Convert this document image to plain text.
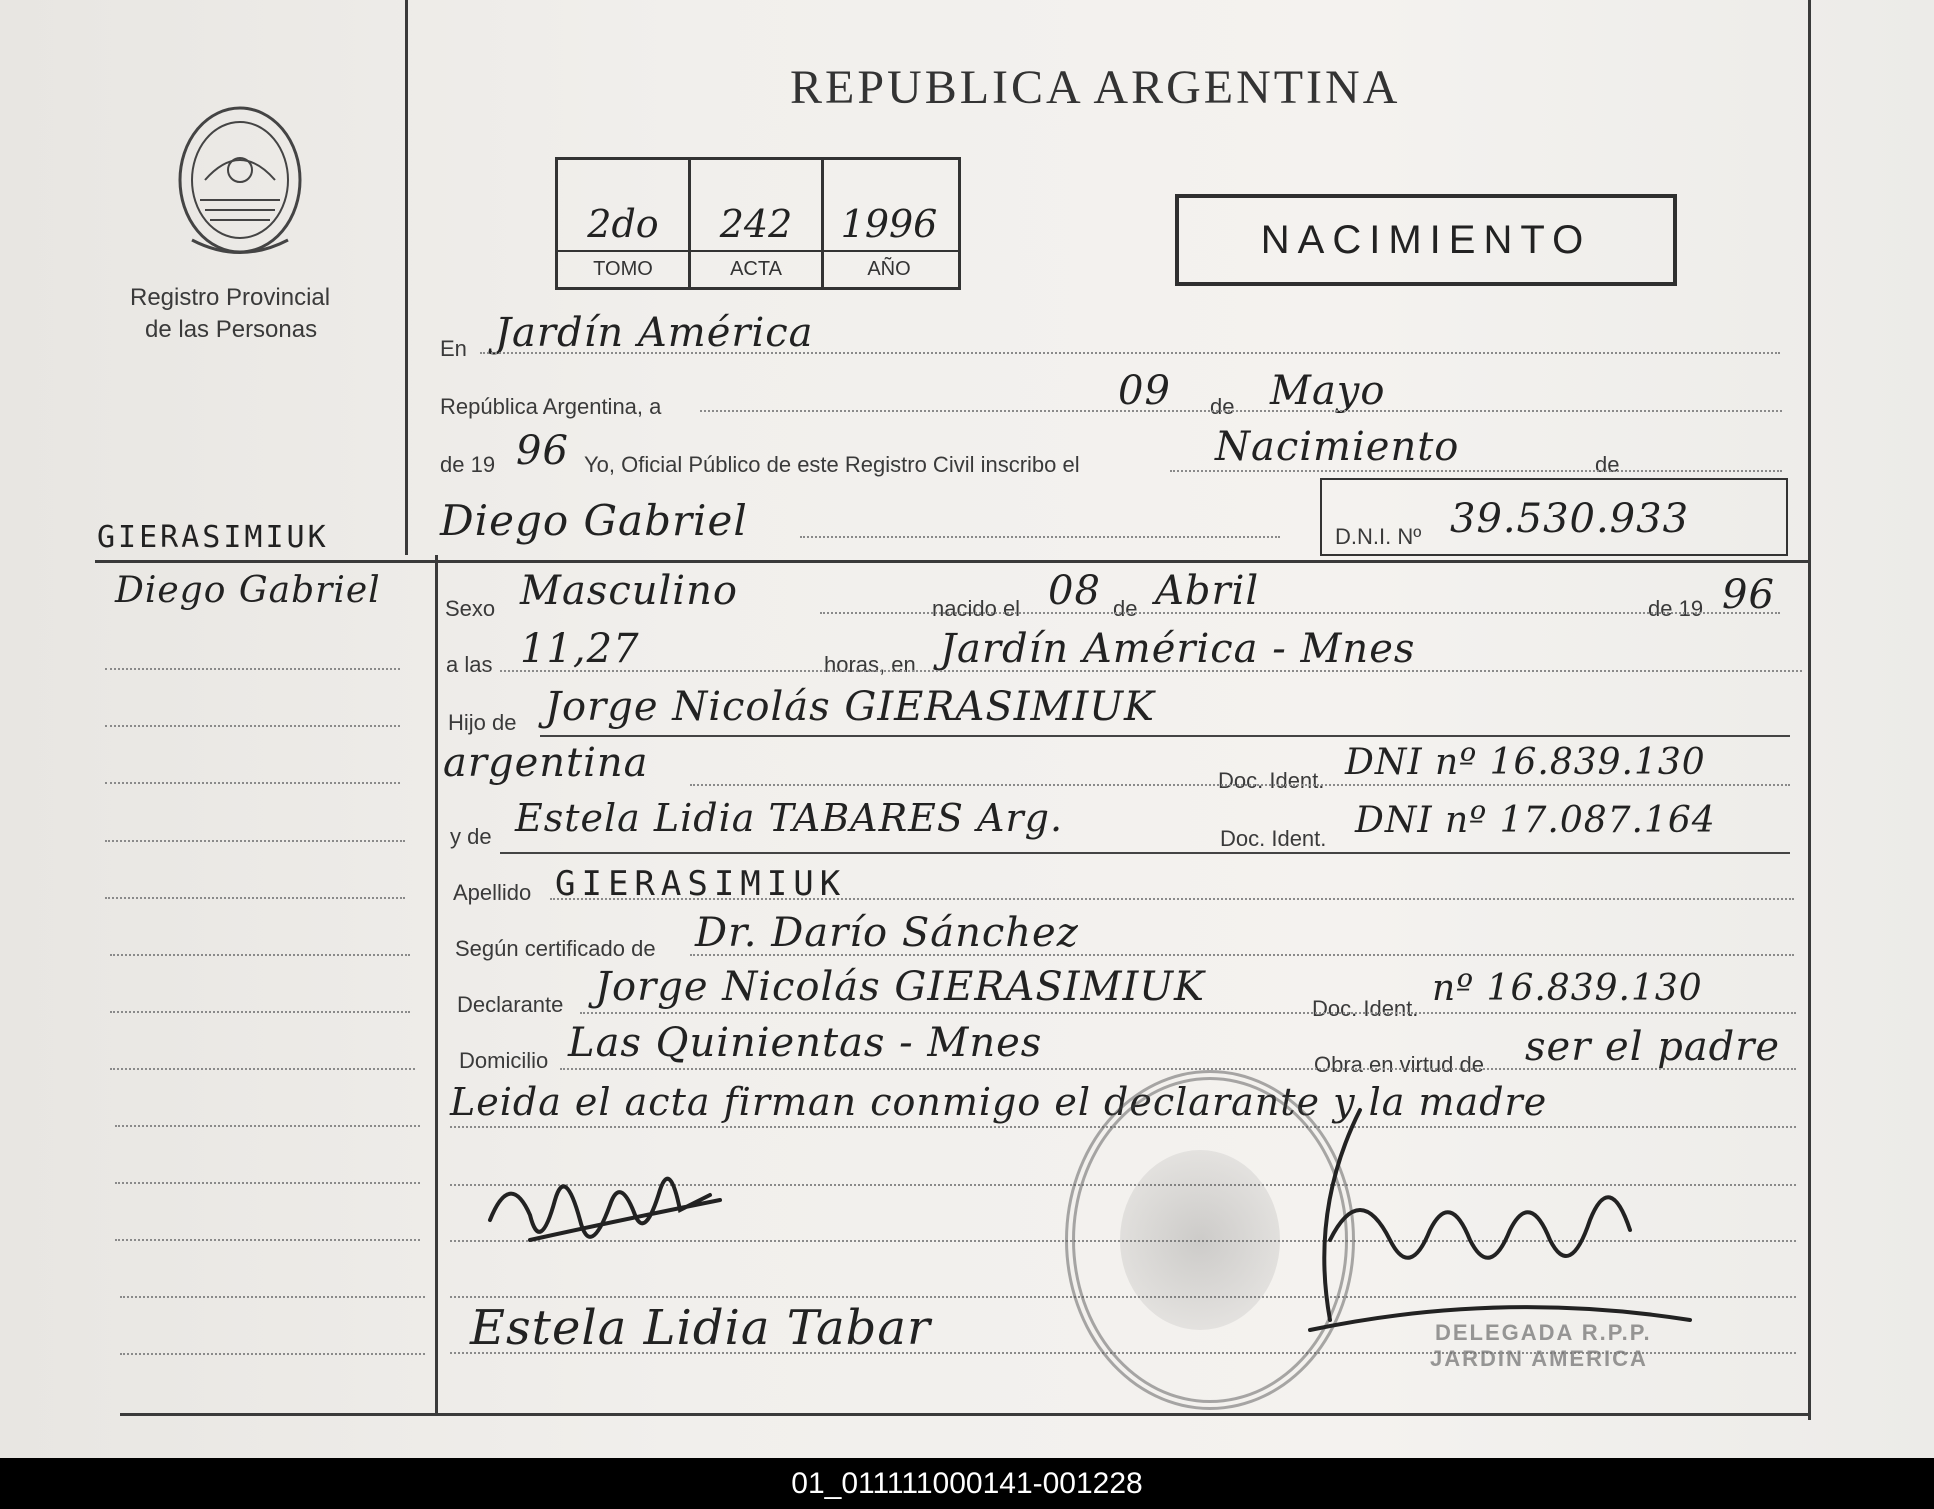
Registro Provincial
de las Personas
REPUBLICA ARGENTINA
2do	242	1996
TOMO	ACTA	AÑO
NACIMIENTO
GIERASIMIUK
Diego Gabriel
En Jardín América
República Argentina, a	09 de Mayo
de 19 96 Yo, Oficial Público de este Registro Civil inscribo el	Nacimiento	de
Diego Gabriel	D.N.I. Nº 39.530.933
Sexo Masculino	nacido el 08 de Abril	de 19 96
a las 11,27	horas, en Jardín América - Mnes
Hijo de Jorge Nicolás GIERASIMIUK
argentina	Doc. Ident. DNI nº 16.839.130
y de Estela Lidia TABARES Arg.	Doc. Ident. DNI nº 17.087.164
Apellido GIERASIMIUK
Según certificado de Dr. Darío Sánchez
Declarante Jorge Nicolás GIERASIMIUK	Doc. Ident. nº 16.839.130
Domicilio Las Quinientas - Mnes	Obra en virtud de ser el padre
Leida el acta firman conmigo el declarante y la madre
Estela Lidia Tabar	DELEGADA R.P.P.
JARDIN AMERICA
01_011111000141-001228
